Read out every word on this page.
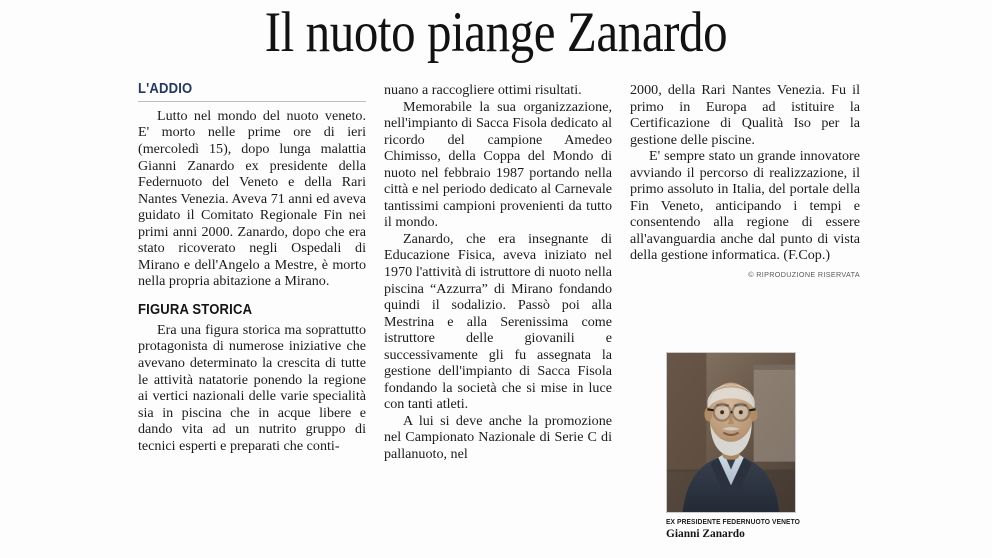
Il nuoto piange Zanardo
L'ADDIO

Lutto nel mondo del nuoto veneto. E' morto nelle prime ore di ieri (mercoledì 15), dopo lunga malattia Gianni Zanardo ex presidente della Federnuoto del Veneto e della Rari Nantes Venezia. Aveva 71 anni ed aveva guidato il Comitato Regionale Fin nei primi anni 2000. Zanardo, dopo che era stato ricoverato negli Ospedali di Mirano e dell'Angelo a Mestre, è morto nella propria abitazione a Mirano.

FIGURA STORICA

Era una figura storica ma soprattutto protagonista di numerose iniziative che avevano determinato la crescita di tutte le attività natatorie ponendo la regione ai vertici nazionali delle varie specialità sia in piscina che in acque libere e dando vita ad un nutrito gruppo di tecnici esperti e preparati che conti-

nuano a raccogliere ottimi risultati.

Memorabile la sua organizzazione, nell'impianto di Sacca Fisola dedicato al ricordo del campione Amedeo Chimisso, della Coppa del Mondo di nuoto nel febbraio 1987 portando nella città e nel periodo dedicato al Carnevale tantissimi campioni provenienti da tutto il mondo.

Zanardo, che era insegnante di Educazione Fisica, aveva iniziato nel 1970 l'attività di istruttore di nuoto nella piscina “Azzurra” di Mirano fondando quindi il sodalizio. Passò poi alla Mestrina e alla Serenissima come istruttore delle giovanili e successivamente gli fu assegnata la gestione dell'impianto di Sacca Fisola fondando la società che si mise in luce con tanti atleti.

A lui si deve anche la promozione nel Campionato Nazionale di Serie C di pallanuoto, nel

2000, della Rari Nantes Venezia. Fu il primo in Europa ad istituire la Certificazione di Qualità Iso per la gestione delle piscine.

E' sempre stato un grande innovatore avviando il percorso di realizzazione, il primo assoluto in Italia, del portale della Fin Veneto, anticipando i tempi e consentendo alla regione di essere all'avanguardia anche dal punto di vista della gestione informatica. (F.Cop.)

© RIPRODUZIONE RISERVATA
EX PRESIDENTE FEDERNUOTO VENETO
Gianni Zanardo
